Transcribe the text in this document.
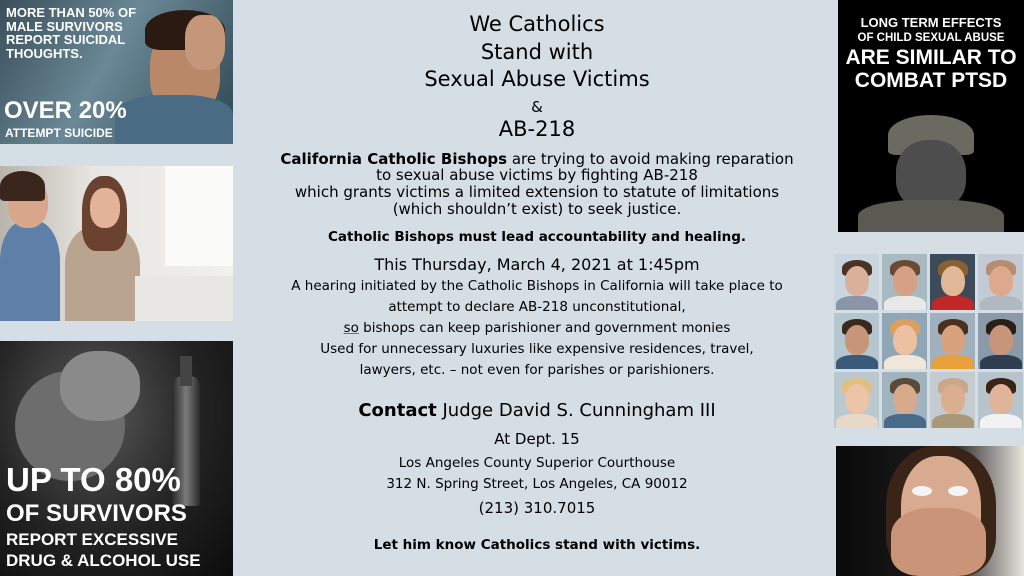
MORE THAN 50% OF
MALE SURVIVORS
REPORT SUICIDAL
THOUGHTS.
OVER 20%
ATTEMPT SUICIDE
UP TO 80%
OF SURVIVORS
REPORT EXCESSIVE
DRUG & ALCOHOL USE
LONG TERM EFFECTS
OF CHILD SEXUAL ABUSE
ARE SIMILAR TO
COMBAT PTSD
We Catholics
Stand with
Sexual Abuse Victims
&
AB-218
California Catholic Bishops are trying to avoid making reparation
to sexual abuse victims by fighting AB-218
which grants victims a limited extension to statute of limitations
(which shouldn’t exist) to seek justice.
Catholic Bishops must lead accountability and healing.
This Thursday, March 4, 2021 at 1:45pm
A hearing initiated by the Catholic Bishops in California will take place to
attempt to declare AB-218 unconstitutional,
so bishops can keep parishioner and government monies
Used for unnecessary luxuries like expensive residences, travel,
lawyers, etc. – not even for parishes or parishioners.
Contact Judge David S. Cunningham III
At Dept. 15
Los Angeles County Superior Courthouse
312 N. Spring Street, Los Angeles, CA 90012
(213) 310.7015
Let him know Catholics stand with victims.
